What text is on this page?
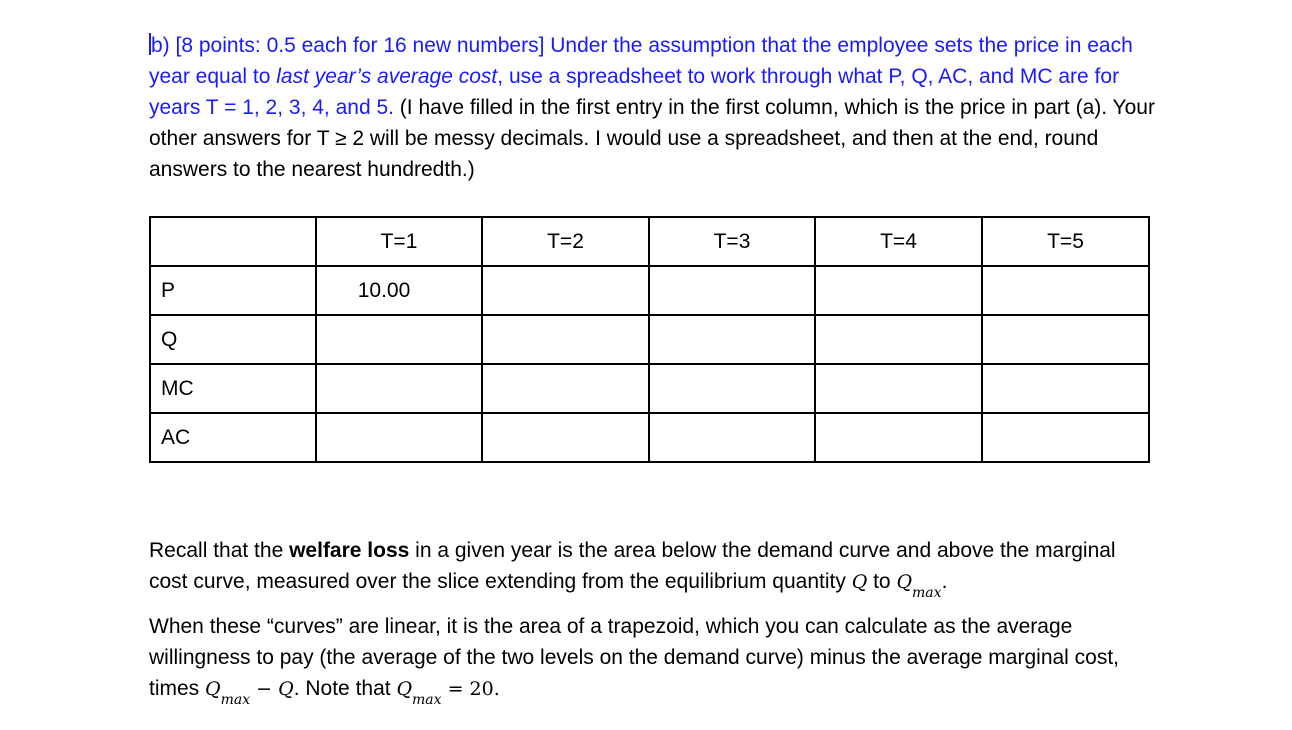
b) [8 points: 0.5 each for 16 new numbers] Under the assumption that the employee sets the price in each year equal to last year’s average cost, use a spreadsheet to work through what P, Q, AC, and MC are for years T = 1, 2, 3, 4, and 5. (I have filled in the first entry in the first column, which is the price in part (a). Your other answers for T ≥ 2 will be messy decimals. I would use a spreadsheet, and then at the end, round answers to the nearest hundredth.)

	T=1	T=2	T=3	T=4	T=5
P	10.00				
Q					
MC					
AC					

Recall that the welfare loss in a given year is the area below the demand curve and above the marginal cost curve, measured over the slice extending from the equilibrium quantity Q to $Q_{max}$.
When these “curves” are linear, it is the area of a trapezoid, which you can calculate as the average willingness to pay (the average of the two levels on the demand curve) minus the average marginal cost, times $Q_{max} - Q$. Note that $Q_{max} = 20$.
